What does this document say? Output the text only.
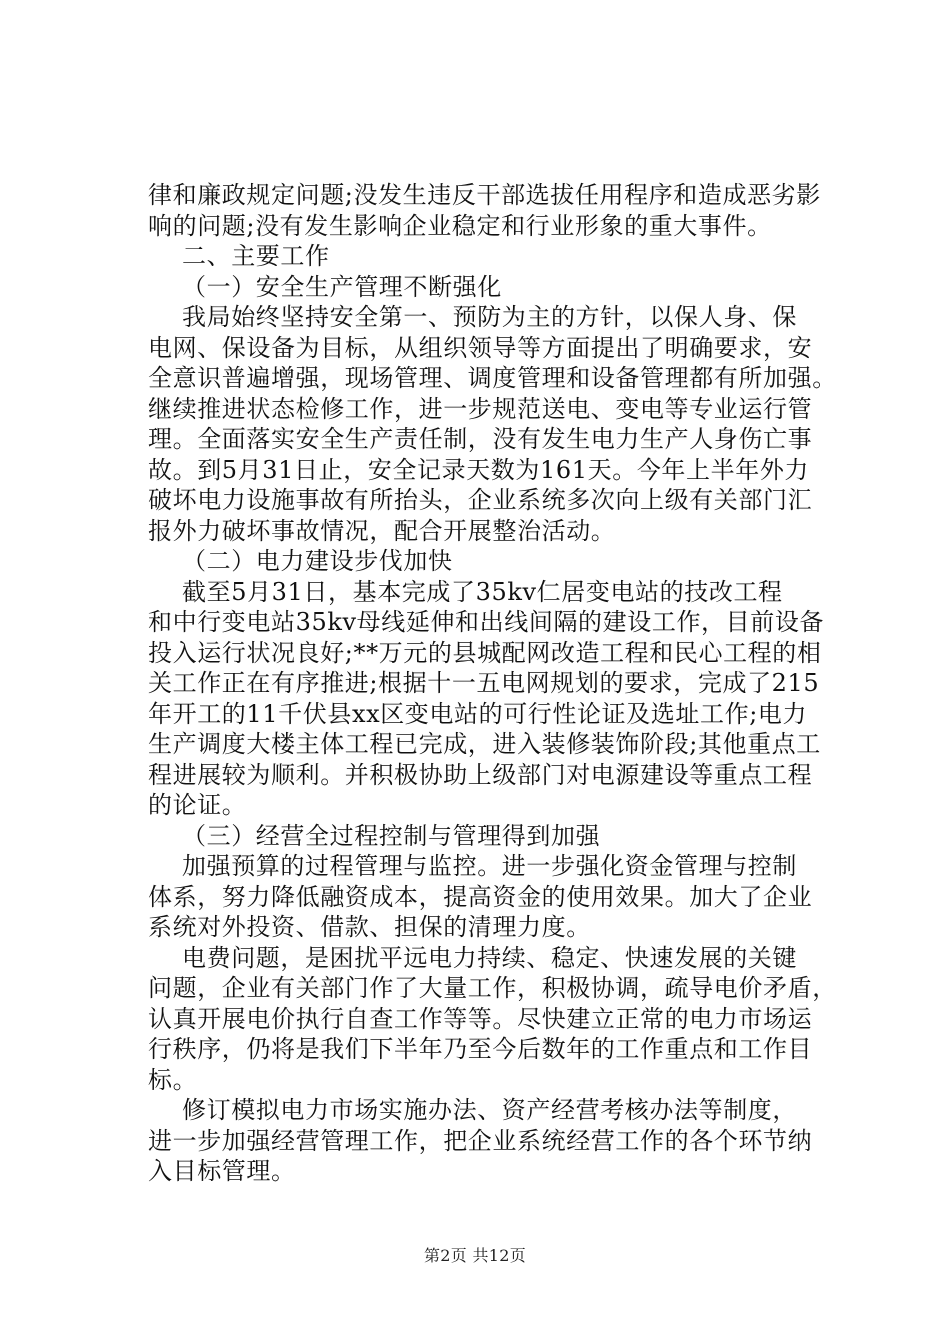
律和廉政规定问题;没发生违反干部选拔任用程序和造成恶劣影
响的问题;没有发生影响企业稳定和行业形象的重大事件。
二、主要工作
（一）安全生产管理不断强化
我局始终坚持安全第一、预防为主的方针，以保人身、保
电网、保设备为目标，从组织领导等方面提出了明确要求，安
全意识普遍增强，现场管理、调度管理和设备管理都有所加强。
继续推进状态检修工作，进一步规范送电、变电等专业运行管
理。全面落实安全生产责任制，没有发生电力生产人身伤亡事
故。到5月31日止，安全记录天数为161天。今年上半年外力
破坏电力设施事故有所抬头，企业系统多次向上级有关部门汇
报外力破坏事故情况，配合开展整治活动。
（二）电力建设步伐加快
截至5月31日，基本完成了35kv仁居变电站的技改工程
和中行变电站35kv母线延伸和出线间隔的建设工作，目前设备
投入运行状况良好;**万元的县城配网改造工程和民心工程的相
关工作正在有序推进;根据十一五电网规划的要求，完成了215
年开工的11千伏县xx区变电站的可行性论证及选址工作;电力
生产调度大楼主体工程已完成，进入装修装饰阶段;其他重点工
程进展较为顺利。并积极协助上级部门对电源建设等重点工程
的论证。
（三）经营全过程控制与管理得到加强
加强预算的过程管理与监控。进一步强化资金管理与控制
体系，努力降低融资成本，提高资金的使用效果。加大了企业
系统对外投资、借款、担保的清理力度。
电费问题，是困扰平远电力持续、稳定、快速发展的关键
问题，企业有关部门作了大量工作，积极协调，疏导电价矛盾，
认真开展电价执行自查工作等等。尽快建立正常的电力市场运
行秩序，仍将是我们下半年乃至今后数年的工作重点和工作目
标。
修订模拟电力市场实施办法、资产经营考核办法等制度，
进一步加强经营管理工作，把企业系统经营工作的各个环节纳
入目标管理。
第2页 共12页
